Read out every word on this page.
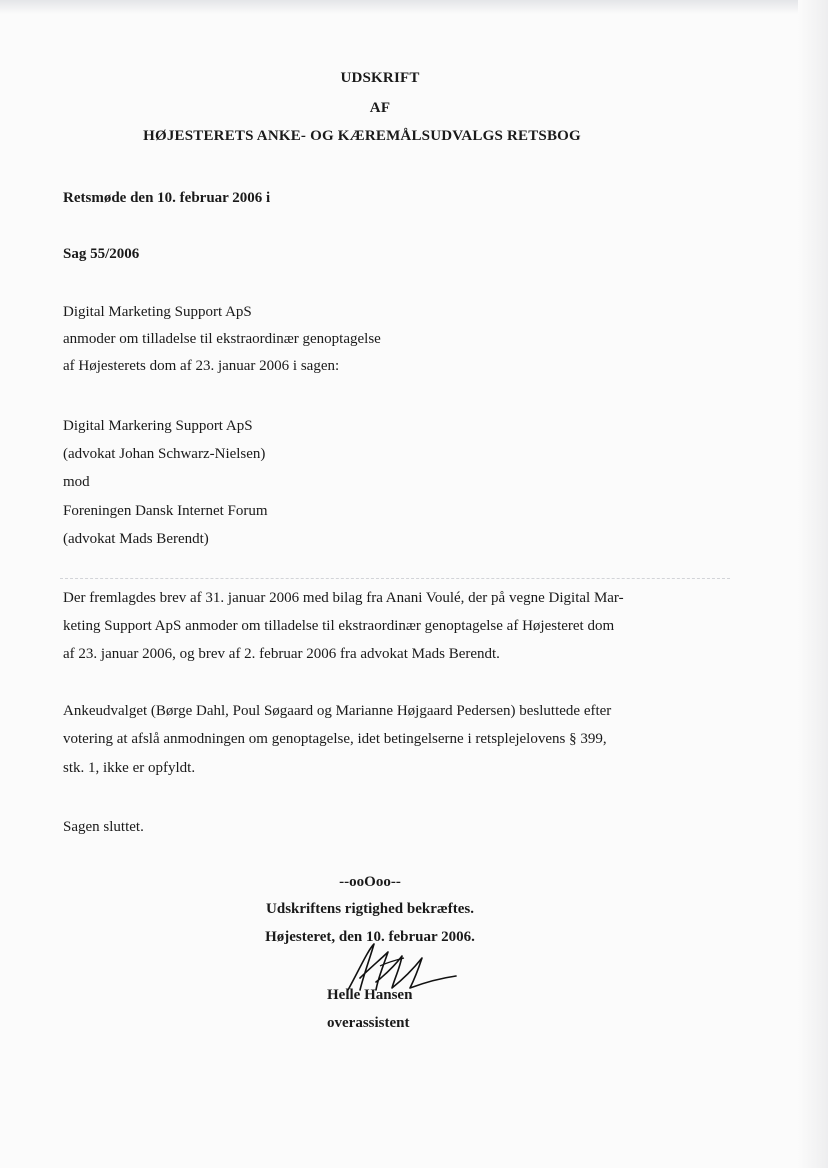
UDSKRIFT
AF
HØJESTERETS ANKE- OG KÆREMÅLSUDVALGS RETSBOG
Retsmøde den 10. februar 2006 i
Sag 55/2006
Digital Marketing Support ApS
anmoder om tilladelse til ekstraordinær genoptagelse
af Højesterets dom af 23. januar 2006 i sagen:
Digital Markering Support ApS
(advokat Johan Schwarz-Nielsen)
mod
Foreningen Dansk Internet Forum
(advokat Mads Berendt)
Der fremlagdes brev af 31. januar 2006 med bilag fra Anani Voulé, der på vegne Digital Mar-
keting Support ApS anmoder om tilladelse til ekstraordinær genoptagelse af Højesteret dom
af 23. januar 2006, og brev af 2. februar 2006 fra advokat Mads Berendt.
Ankeudvalget (Børge Dahl, Poul Søgaard og Marianne Højgaard Pedersen) besluttede efter
votering at afslå anmodningen om genoptagelse, idet betingelserne i retsplejelovens § 399,
stk. 1, ikke er opfyldt.
Sagen sluttet.
--ooOoo--
Udskriftens rigtighed bekræftes.
Højesteret, den 10. februar 2006.
Helle Hansen
overassistent
